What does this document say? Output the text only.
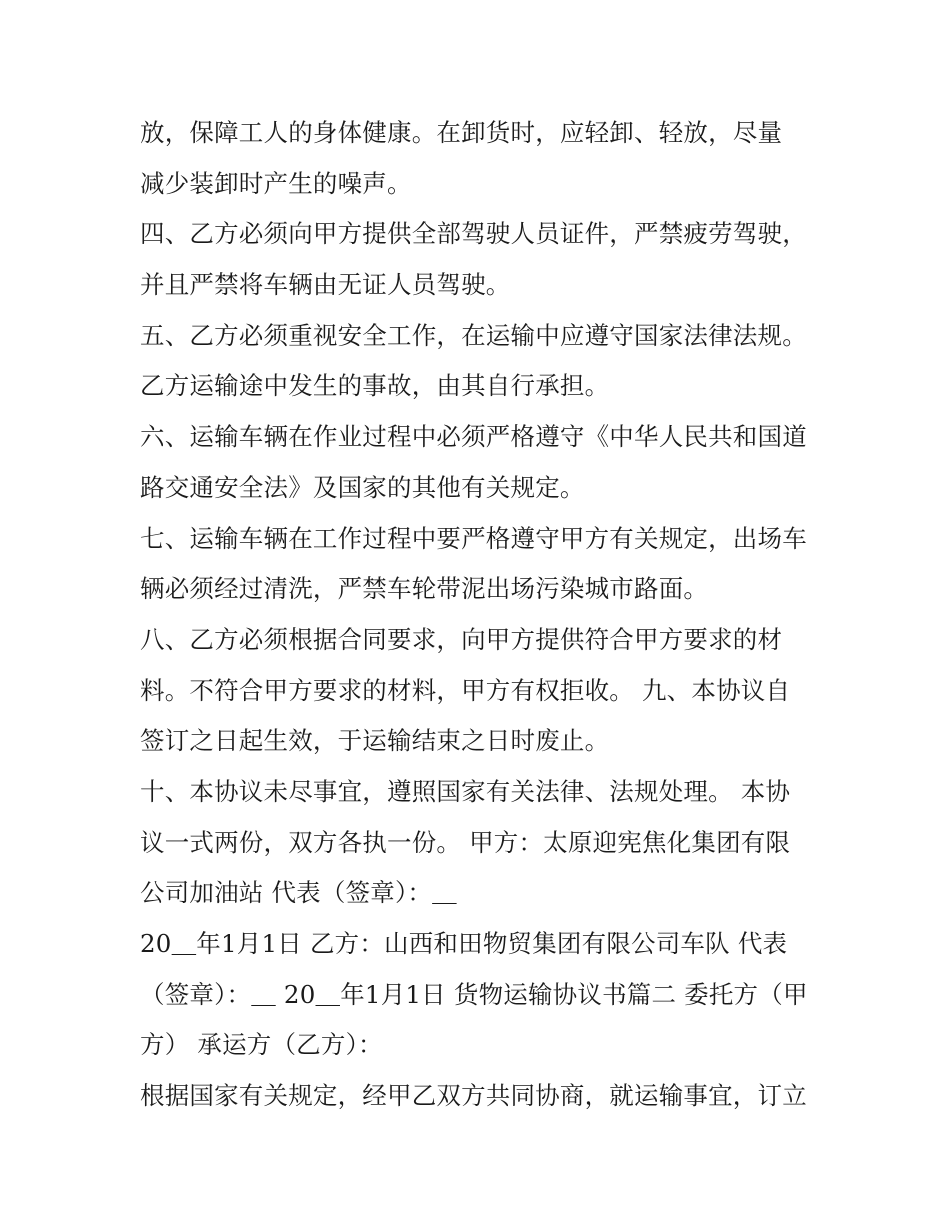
放，保障工人的身体健康。在卸货时，应轻卸、轻放，尽量
减少装卸时产生的噪声。
四、乙方必须向甲方提供全部驾驶人员证件，严禁疲劳驾驶，
并且严禁将车辆由无证人员驾驶。
五、乙方必须重视安全工作，在运输中应遵守国家法律法规。
乙方运输途中发生的事故，由其自行承担。
六、运输车辆在作业过程中必须严格遵守《中华人民共和国道
路交通安全法》及国家的其他有关规定。
七、运输车辆在工作过程中要严格遵守甲方有关规定，出场车
辆必须经过清洗，严禁车轮带泥出场污染城市路面。
八、乙方必须根据合同要求，向甲方提供符合甲方要求的材
料。不符合甲方要求的材料，甲方有权拒收。 九、本协议自
签订之日起生效，于运输结束之日时废止。
十、本协议未尽事宜，遵照国家有关法律、法规处理。 本协
议一式两份，双方各执一份。 甲方：太原迎宪焦化集团有限
公司加油站 代表（签章）：＿
20＿年1月1日 乙方：山西和田物贸集团有限公司车队 代表
（签章）：＿ 20＿年1月1日 货物运输协议书篇二 委托方（甲
方） 承运方（乙方）：
根据国家有关规定，经甲乙双方共同协商，就运输事宜，订立
